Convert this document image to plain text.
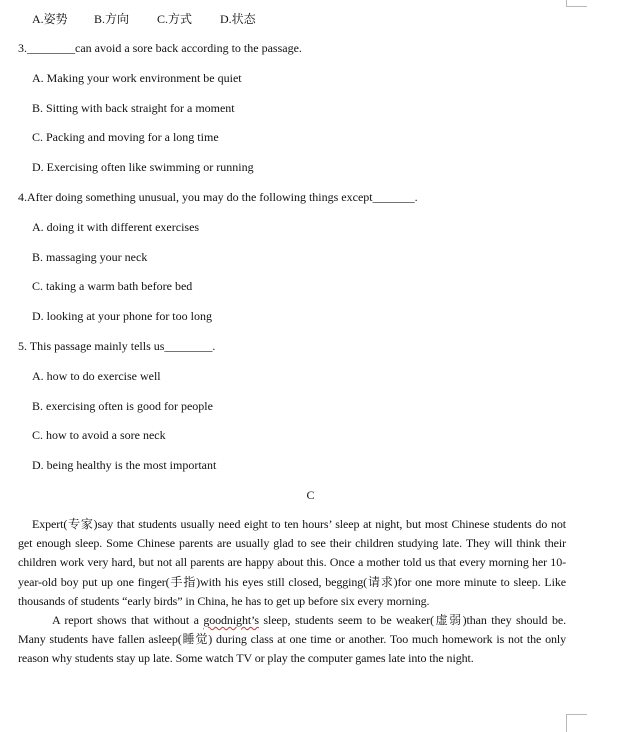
A.姿势 B.方向 C.方式 D.状态
3.________can avoid a sore back according to the passage.
A. Making your work environment be quiet
B. Sitting with back straight for a moment
C. Packing and moving for a long time
D. Exercising often like swimming or running
4.After doing something unusual, you may do the following things except_______.
A. doing it with different exercises
B. massaging your neck
C. taking a warm bath before bed
D. looking at your phone for too long
5. This passage mainly tells us________.
A. how to do exercise well
B. exercising often is good for people
C. how to avoid a sore neck
D. being healthy is the most important
C

Expert(专家)say that students usually need eight to ten hours’ sleep at night, but most Chinese students do not get enough sleep. Some Chinese parents are usually glad to see their children studying late. They will think their children work very hard, but not all parents are happy about this. Once a mother told us that every morning her 10-year-old boy put up one finger(手指)with his eyes still closed, begging(请求)for one more minute to sleep. Like thousands of students “early birds” in China, he has to get up before six every morning.

A report shows that without a goodnight’s sleep, students seem to be weaker(虚弱)than they should be. Many students have fallen asleep(睡觉) during class at one time or another. Too much homework is not the only reason why students stay up late. Some watch TV or play the computer games late into the night.
